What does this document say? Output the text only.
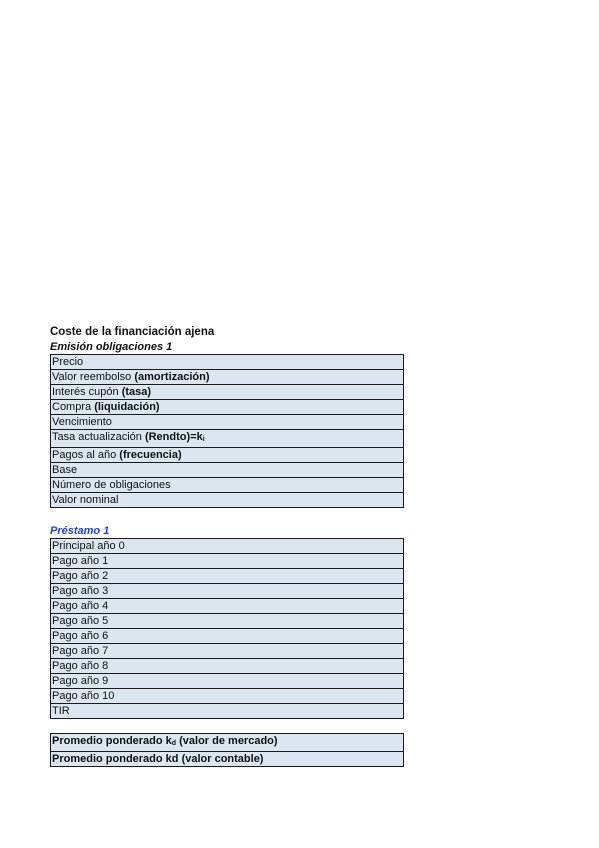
Coste de la financiación ajena
Emisión obligaciones 1
Precio
Valor reembolso (amortización)
Interés cupón (tasa)
Compra (liquidación)
Vencimiento
Tasa actualización $(Rendto)=k_i$
Pagos al año (frecuencia)
Base
Número de obligaciones
Valor nominal
Préstamo 1
Principal año 0
Pago año 1
Pago año 2
Pago año 3
Pago año 4
Pago año 5
Pago año 6
Pago año 7
Pago año 8
Pago año 9
Pago año 10
TIR
Promedio ponderado $k_d$ (valor de mercado)
Promedio ponderado kd (valor contable)
